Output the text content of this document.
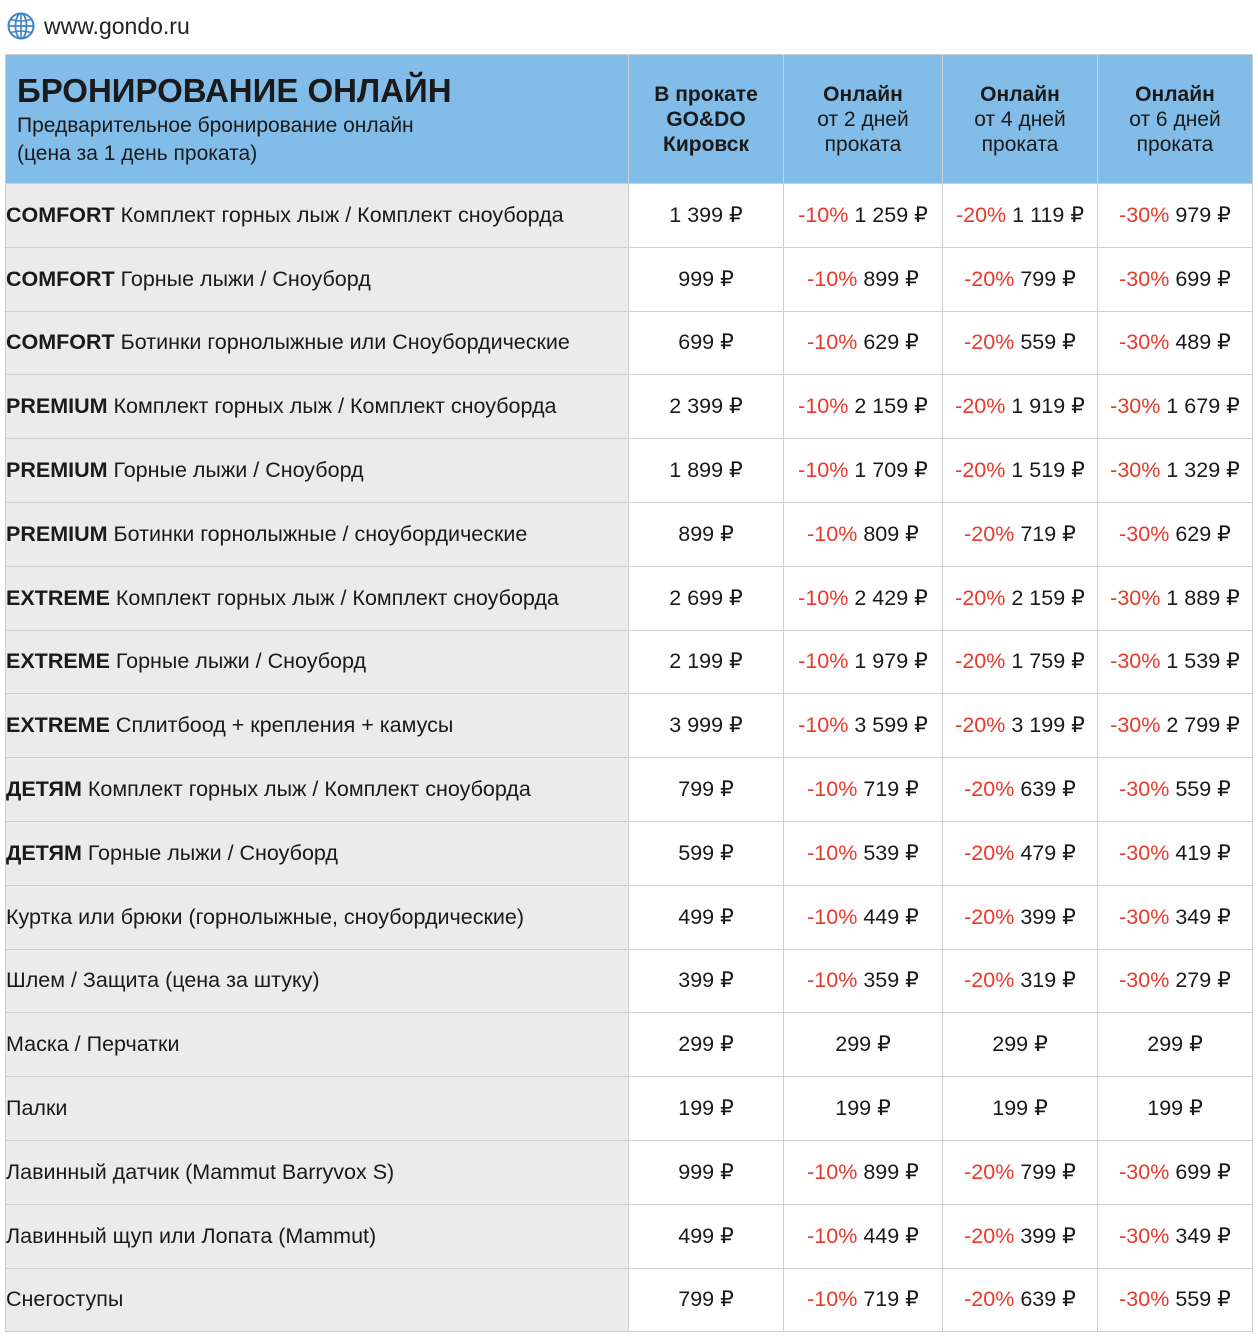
www.gondo.ru
БРОНИРОВАНИЕ ОНЛАЙН
Предварительное бронирование онлайн
(цена за 1 день проката)	В прокате
GO&DO
Кировск	Онлайн
от 2 дней
проката	Онлайн
от 4 дней
проката	Онлайн
от 6 дней
проката

COMFORT Комплект горных лыж / Комплект сноуборда	1 399 ₽	-10% 1 259 ₽	-20% 1 119 ₽	-30% 979 ₽
COMFORT Горные лыжи / Сноуборд	999 ₽	-10% 899 ₽	-20% 799 ₽	-30% 699 ₽
COMFORT Ботинки горнолыжные или Сноубордические	699 ₽	-10% 629 ₽	-20% 559 ₽	-30% 489 ₽
PREMIUM Комплект горных лыж / Комплект сноуборда	2 399 ₽	-10% 2 159 ₽	-20% 1 919 ₽	-30% 1 679 ₽
PREMIUM Горные лыжи / Сноуборд	1 899 ₽	-10% 1 709 ₽	-20% 1 519 ₽	-30% 1 329 ₽
PREMIUM Ботинки горнолыжные / сноубордические	899 ₽	-10% 809 ₽	-20% 719 ₽	-30% 629 ₽
EXTREME Комплект горных лыж / Комплект сноуборда	2 699 ₽	-10% 2 429 ₽	-20% 2 159 ₽	-30% 1 889 ₽
EXTREME Горные лыжи / Сноуборд	2 199 ₽	-10% 1 979 ₽	-20% 1 759 ₽	-30% 1 539 ₽
EXTREME Сплитбоод + крепления + камусы	3 999 ₽	-10% 3 599 ₽	-20% 3 199 ₽	-30% 2 799 ₽
ДЕТЯМ Комплект горных лыж / Комплект сноуборда	799 ₽	-10% 719 ₽	-20% 639 ₽	-30% 559 ₽
ДЕТЯМ Горные лыжи / Сноуборд	599 ₽	-10% 539 ₽	-20% 479 ₽	-30% 419 ₽
Куртка или брюки (горнолыжные, сноубордические)	499 ₽	-10% 449 ₽	-20% 399 ₽	-30% 349 ₽
Шлем / Защита (цена за штуку)	399 ₽	-10% 359 ₽	-20% 319 ₽	-30% 279 ₽
Маска / Перчатки	299 ₽	299 ₽	299 ₽	299 ₽
Палки	199 ₽	199 ₽	199 ₽	199 ₽
Лавинный датчик (Mammut Barryvox S)	999 ₽	-10% 899 ₽	-20% 799 ₽	-30% 699 ₽
Лавинный щуп или Лопата (Mammut)	499 ₽	-10% 449 ₽	-20% 399 ₽	-30% 349 ₽
Снегоступы	799 ₽	-10% 719 ₽	-20% 639 ₽	-30% 559 ₽
